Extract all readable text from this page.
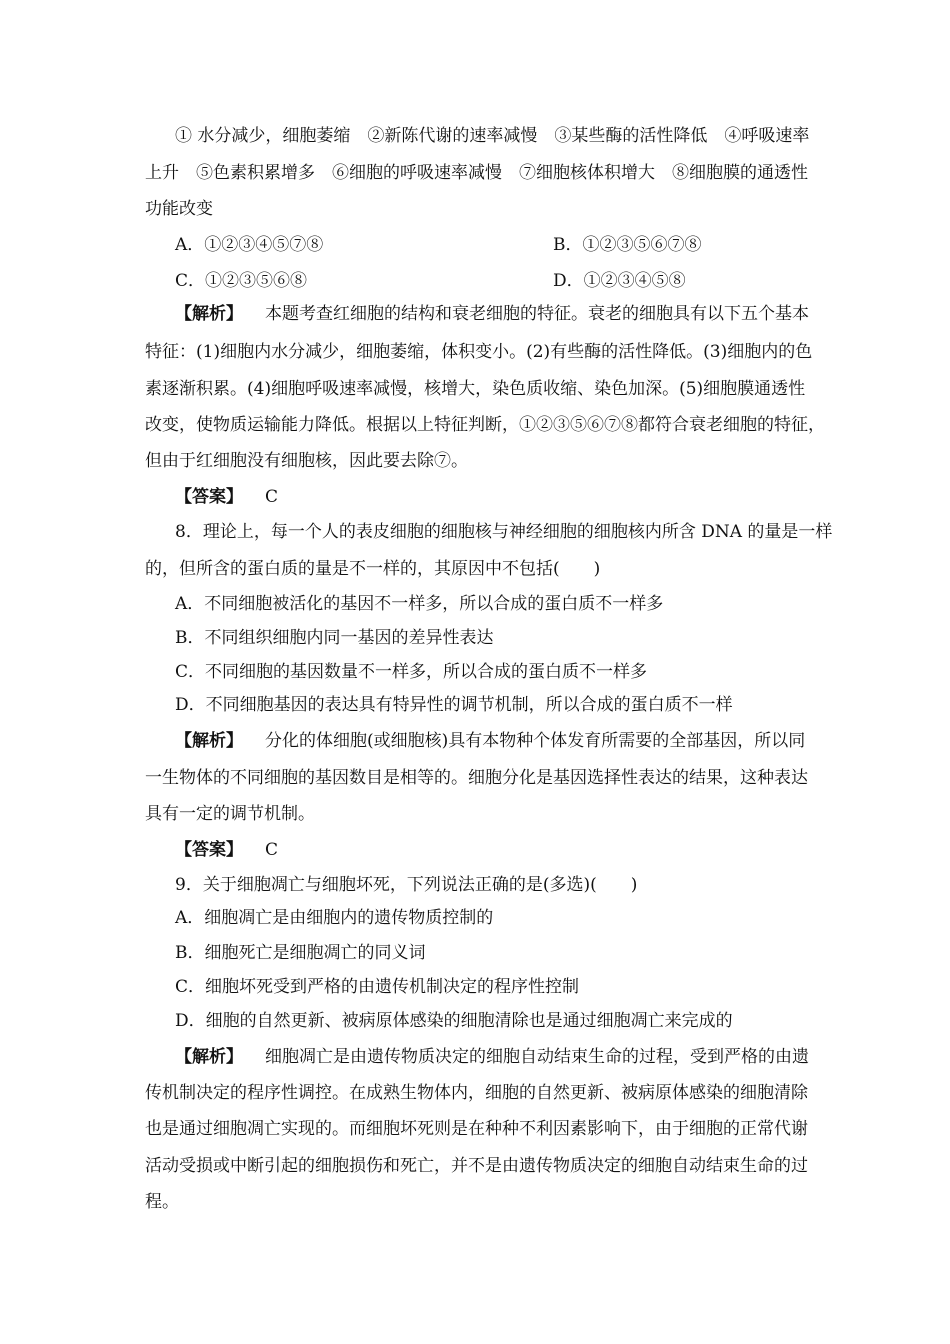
① 水分减少，细胞萎缩　②新陈代谢的速率减慢　③某些酶的活性降低　④呼吸速率
上升　⑤色素积累增多　⑥细胞的呼吸速率减慢　⑦细胞核体积增大　⑧细胞膜的通透性
功能改变
A．①②③④⑤⑦⑧	B．①②③⑤⑥⑦⑧
C．①②③⑤⑥⑧	D．①②③④⑤⑧
【解析】 本题考查红细胞的结构和衰老细胞的特征。衰老的细胞具有以下五个基本
特征：(1)细胞内水分减少，细胞萎缩，体积变小。(2)有些酶的活性降低。(3)细胞内的色
素逐渐积累。(4)细胞呼吸速率减慢，核增大，染色质收缩、染色加深。(5)细胞膜通透性
改变，使物质运输能力降低。根据以上特征判断，①②③⑤⑥⑦⑧都符合衰老细胞的特征，
但由于红细胞没有细胞核，因此要去除⑦。
【答案】 C
8．理论上，每一个人的表皮细胞的细胞核与神经细胞的细胞核内所含 DNA 的量是一样
的，但所含的蛋白质的量是不一样的，其原因中不包括(　　)
A．不同细胞被活化的基因不一样多，所以合成的蛋白质不一样多
B．不同组织细胞内同一基因的差异性表达
C．不同细胞的基因数量不一样多，所以合成的蛋白质不一样多
D．不同细胞基因的表达具有特异性的调节机制，所以合成的蛋白质不一样
【解析】 分化的体细胞(或细胞核)具有本物种个体发育所需要的全部基因，所以同
一生物体的不同细胞的基因数目是相等的。细胞分化是基因选择性表达的结果，这种表达
具有一定的调节机制。
【答案】 C
9．关于细胞凋亡与细胞坏死，下列说法正确的是(多选)(　　)
A．细胞凋亡是由细胞内的遗传物质控制的
B．细胞死亡是细胞凋亡的同义词
C．细胞坏死受到严格的由遗传机制决定的程序性控制
D．细胞的自然更新、被病原体感染的细胞清除也是通过细胞凋亡来完成的
【解析】 细胞凋亡是由遗传物质决定的细胞自动结束生命的过程，受到严格的由遗
传机制决定的程序性调控。在成熟生物体内，细胞的自然更新、被病原体感染的细胞清除
也是通过细胞凋亡实现的。而细胞坏死则是在种种不利因素影响下，由于细胞的正常代谢
活动受损或中断引起的细胞损伤和死亡，并不是由遗传物质决定的细胞自动结束生命的过
程。
